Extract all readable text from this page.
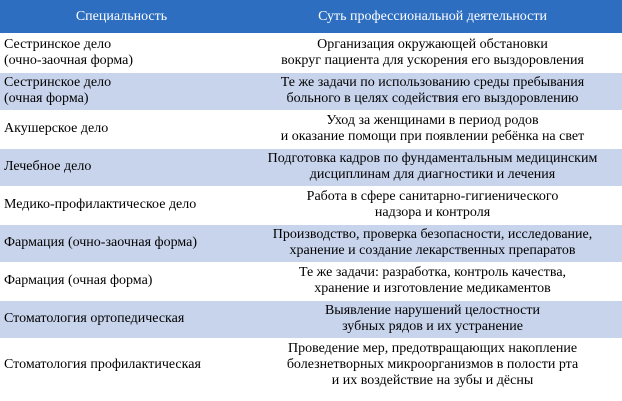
Специальность	Суть профессиональной деятельности

Сестринское дело
(очно-заочная форма)	Организация окружающей обстановки
вокруг пациента для ускорения его выздоровления

Сестринское дело
(очная форма)	Те же задачи по использованию среды пребывания
больного в целях содействия его выздоровлению

Акушерское дело	Уход за женщинами в период родов
и оказание помощи при появлении ребёнка на свет

Лечебное дело	Подготовка кадров по фундаментальным медицинским
дисциплинам для диагностики и лечения

Медико-профилактическое дело	Работа в сфере санитарно-гигиенического
надзора и контроля

Фармация (очно-заочная форма)	Производство, проверка безопасности, исследование,
хранение и создание лекарственных препаратов

Фармация (очная форма)	Те же задачи: разработка, контроль качества,
хранение и изготовление медикаментов

Стоматология ортопедическая	Выявление нарушений целостности
зубных рядов и их устранение

Стоматология профилактическая	Проведение мер, предотвращающих накопление
болезнетворных микроорганизмов в полости рта
и их воздействие на зубы и дёсны
